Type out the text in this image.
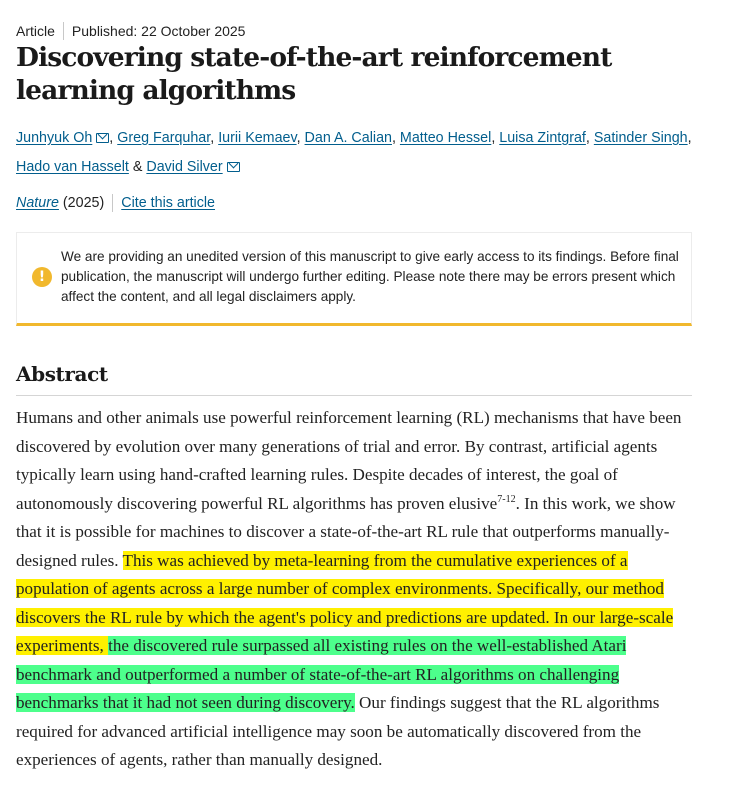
Article Published: 22 October 2025
Discovering state-of-the-art reinforcement learning algorithms
Junhyuk Oh , Greg Farquhar, Iurii Kemaev, Dan A. Calian, Matteo Hessel, Luisa Zintgraf, Satinder Singh,
Hado van Hasselt & David Silver
Nature (2025) Cite this article
!
We are providing an unedited version of this manuscript to give early access to its findings. Before final publication, the manuscript will undergo further editing. Please note there may be errors present which affect the content, and all legal disclaimers apply.
Abstract

Humans and other animals use powerful reinforcement learning (RL) mechanisms that have been discovered by evolution over many generations of trial and error. By contrast, artificial agents typically learn using hand-crafted learning rules. Despite decades of interest, the goal of autonomously discovering powerful RL algorithms has proven elusive$^{7-12}$. In this work, we show that it is possible for machines to discover a state-of-the-art RL rule that outperforms manually-designed rules. This was achieved by meta-learning from the cumulative experiences of a population of agents across a large number of complex environments. Specifically, our method discovers the RL rule by which the agent's policy and predictions are updated. In our large-scale experiments, the discovered rule surpassed all existing rules on the well-established Atari benchmark and outperformed a number of state-of-the-art RL algorithms on challenging benchmarks that it had not seen during discovery. Our findings suggest that the RL algorithms required for advanced artificial intelligence may soon be automatically discovered from the experiences of agents, rather than manually designed.
